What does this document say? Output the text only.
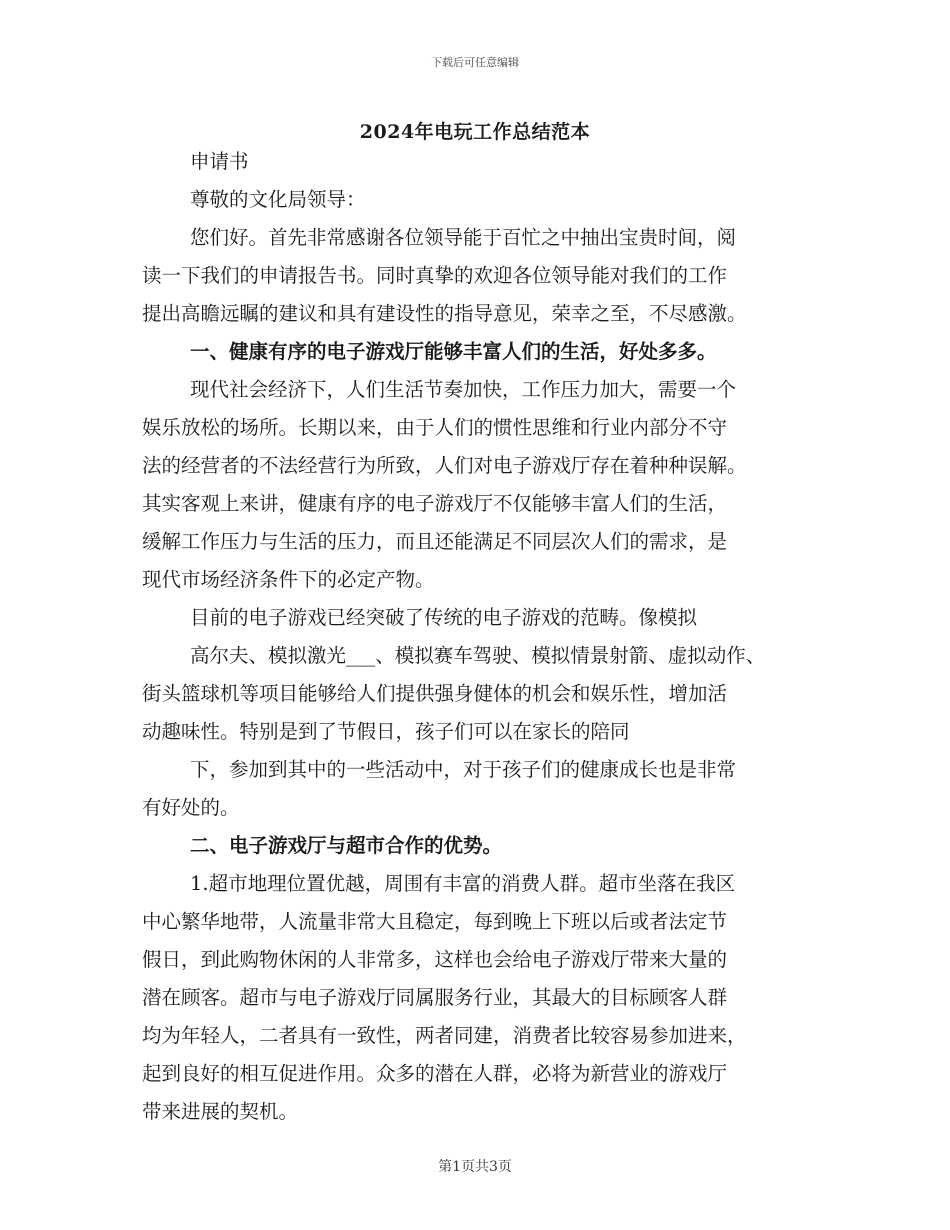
下载后可任意编辑
2024年电玩工作总结范本
申请书
尊敬的文化局领导：
您们好。首先非常感谢各位领导能于百忙之中抽出宝贵时间，阅
读一下我们的申请报告书。同时真挚的欢迎各位领导能对我们的工作
提出高瞻远瞩的建议和具有建设性的指导意见，荣幸之至，不尽感激。
一、健康有序的电子游戏厅能够丰富人们的生活，好处多多。
现代社会经济下，人们生活节奏加快，工作压力加大，需要一个
娱乐放松的场所。长期以来，由于人们的惯性思维和行业内部分不守
法的经营者的不法经营行为所致，人们对电子游戏厅存在着种种误解。
其实客观上来讲，健康有序的电子游戏厅不仅能够丰富人们的生活，
缓解工作压力与生活的压力，而且还能满足不同层次人们的需求，是
现代市场经济条件下的必定产物。
目前的电子游戏已经突破了传统的电子游戏的范畴。像模拟
高尔夫、模拟激光___、模拟赛车驾驶、模拟情景射箭、虚拟动作、
街头篮球机等项目能够给人们提供强身健体的机会和娱乐性，增加活
动趣味性。特别是到了节假日，孩子们可以在家长的陪同
下，参加到其中的一些活动中，对于孩子们的健康成长也是非常
有好处的。
二、电子游戏厅与超市合作的优势。
1.超市地理位置优越，周围有丰富的消费人群。超市坐落在我区
中心繁华地带，人流量非常大且稳定，每到晚上下班以后或者法定节
假日，到此购物休闲的人非常多，这样也会给电子游戏厅带来大量的
潜在顾客。超市与电子游戏厅同属服务行业，其最大的目标顾客人群
均为年轻人，二者具有一致性，两者同建，消费者比较容易参加进来，
起到良好的相互促进作用。众多的潜在人群，必将为新营业的游戏厅
带来进展的契机。
第1页共3页
